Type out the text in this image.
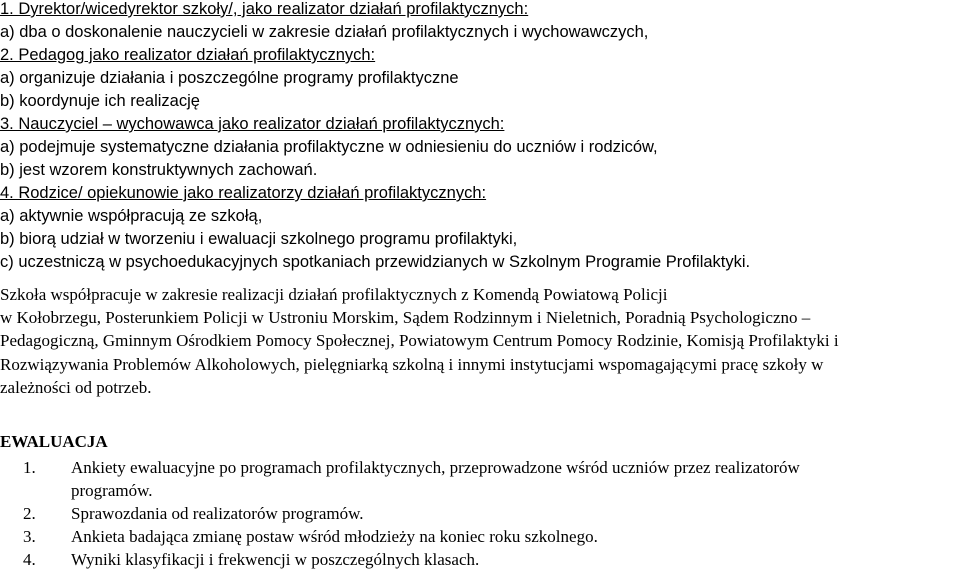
1. Dyrektor/wicedyrektor szkoły/, jako realizator działań profilaktycznych:

a) dba o doskonalenie nauczycieli w zakresie działań profilaktycznych i wychowawczych,

2. Pedagog jako realizator działań profilaktycznych:

a) organizuje działania i poszczególne programy profilaktyczne

b) koordynuje ich realizację

3. Nauczyciel – wychowawca jako realizator działań profilaktycznych:

a) podejmuje systematyczne działania profilaktyczne w odniesieniu do uczniów i rodziców,

b) jest wzorem konstruktywnych zachowań.

4. Rodzice/ opiekunowie jako realizatorzy działań profilaktycznych:

a) aktywnie współpracują ze szkołą,

b) biorą udział w tworzeniu i ewaluacji szkolnego programu profilaktyki,

c) uczestniczą w psychoedukacyjnych spotkaniach przewidzianych w Szkolnym Programie Profilaktyki.

Szkoła współpracuje w zakresie realizacji działań profilaktycznych z Komendą Powiatową Policji

w Kołobrzegu, Posterunkiem Policji w Ustroniu Morskim, Sądem Rodzinnym i Nieletnich, Poradnią Psychologiczno –

Pedagogiczną, Gminnym Ośrodkiem Pomocy Społecznej, Powiatowym Centrum Pomocy Rodzinie, Komisją Profilaktyki i

Rozwiązywania Problemów Alkoholowych, pielęgniarką szkolną i innymi instytucjami wspomagającymi pracę szkoły w

zależności od potrzeb.

EWALUACJA
1. Ankiety ewaluacyjne po programach profilaktycznych, przeprowadzone wśród uczniów przez realizatorów
programów.
2. Sprawozdania od realizatorów programów.
3. Ankieta badająca zmianę postaw wśród młodzieży na koniec roku szkolnego.
4. Wyniki klasyfikacji i frekwencji w poszczególnych klasach.
